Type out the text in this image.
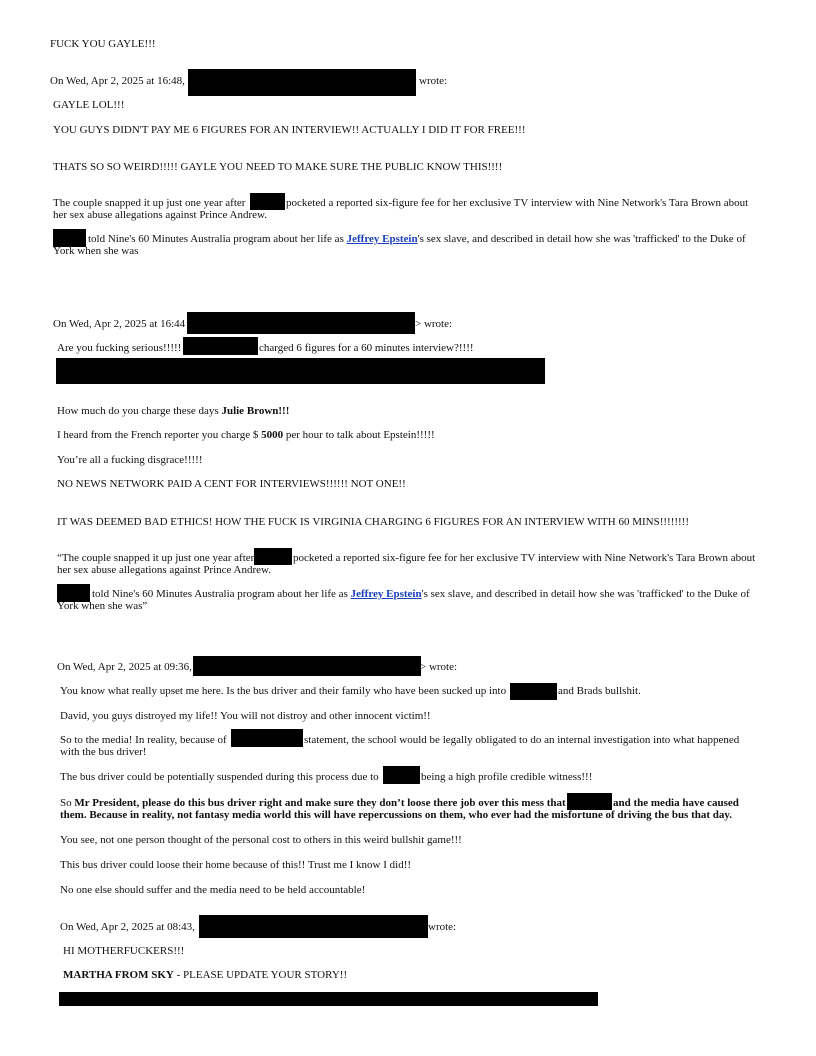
FUCK YOU GAYLE!!!
On Wed, Apr 2, 2025 at 16:48,	wrote:
GAYLE LOL!!!
YOU GUYS DIDN'T PAY ME 6 FIGURES FOR AN INTERVIEW!! ACTUALLY I DID IT FOR FREE!!!
THATS SO SO WEIRD!!!!! GAYLE YOU NEED TO MAKE SURE THE PUBLIC KNOW THIS!!!!
The couple snapped it up just one year after	pocketed a reported six-figure fee for her exclusive TV interview with Nine Network's Tara Brown about
her sex abuse allegations against Prince Andrew.
told Nine's 60 Minutes Australia program about her life as Jeffrey Epstein's sex slave, and described in detail how she was 'trafficked' to the Duke of
York when she was
On Wed, Apr 2, 2025 at 16:44	> wrote:
Are you fucking serious!!!!!	charged 6 figures for a 60 minutes interview?!!!!
How much do you charge these days Julie Brown!!!
I heard from the French reporter you charge $ 5000 per hour to talk about Epstein!!!!!
You’re all a fucking disgrace!!!!!
NO NEWS NETWORK PAID A CENT FOR INTERVIEWS!!!!!! NOT ONE!!
IT WAS DEEMED BAD ETHICS! HOW THE FUCK IS VIRGINIA CHARGING 6 FIGURES FOR AN INTERVIEW WITH 60 MINS!!!!!!!!
“The couple snapped it up just one year after	pocketed a reported six-figure fee for her exclusive TV interview with Nine Network's Tara Brown about
her sex abuse allegations against Prince Andrew.
told Nine's 60 Minutes Australia program about her life as Jeffrey Epstein's sex slave, and described in detail how she was 'trafficked' to the Duke of
York when she was”
On Wed, Apr 2, 2025 at 09:36,	> wrote:
You know what really upset me here. Is the bus driver and their family who have been sucked up into	and Brads bullshit.
David, you guys distroyed my life!! You will not distroy and other innocent victim!!
So to the media! In reality, because of	statement, the school would be legally obligated to do an internal investigation into what happened
with the bus driver!
The bus driver could be potentially suspended during this process due to	being a high profile credible witness!!!
So Mr President, please do this bus driver right and make sure they don’t loose there job over this mess that	and the media have caused
them. Because in reality, not fantasy media world this will have repercussions on them, who ever had the misfortune of driving the bus that day.
You see, not one person thought of the personal cost to others in this weird bullshit game!!!
This bus driver could loose their home because of this!! Trust me I know I did!!
No one else should suffer and the media need to be held accountable!
On Wed, Apr 2, 2025 at 08:43,	wrote:
HI MOTHERFUCKERS!!!
MARTHA FROM SKY - PLEASE UPDATE YOUR STORY!!
